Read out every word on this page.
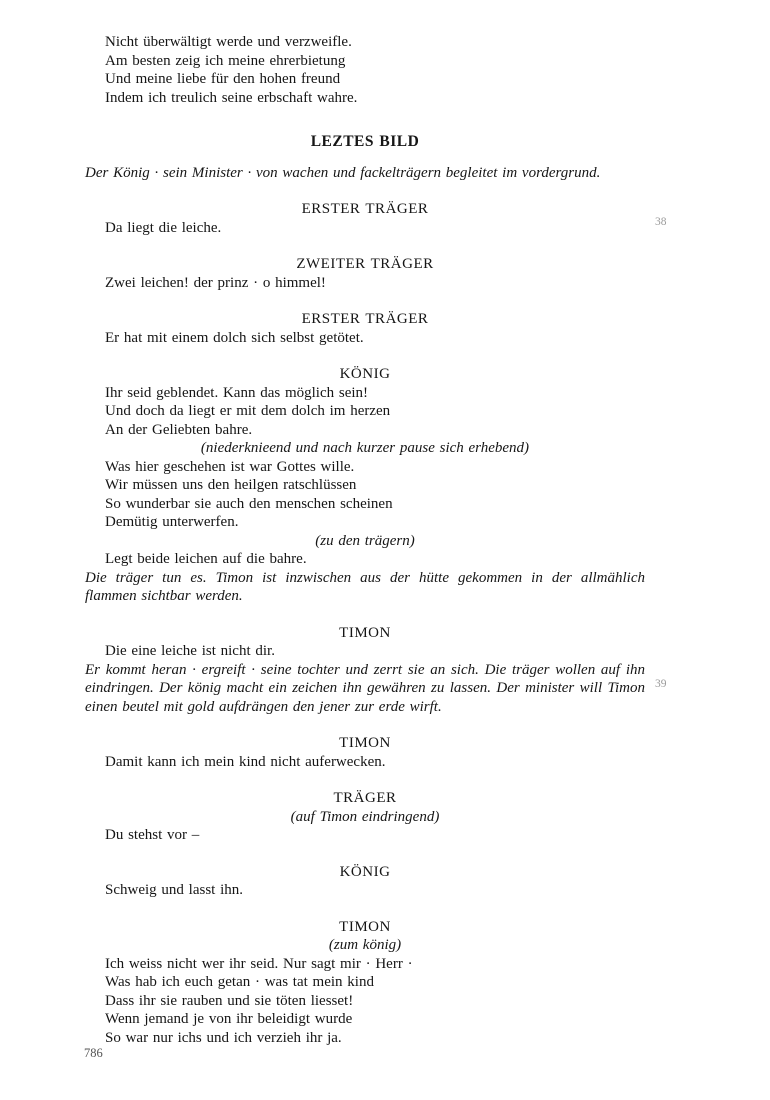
Nicht überwältigt werde und verzweifle.
Am besten zeig ich meine ehrerbietung
Und meine liebe für den hohen freund
Indem ich treulich seine erbschaft wahre.
LEZTES BILD
Der König · sein Minister · von wachen und fackelträgern begleitet im vordergrund.
ERSTER TRÄGER
Da liegt die leiche.
ZWEITER TRÄGER
Zwei leichen! der prinz · o himmel!
ERSTER TRÄGER
Er hat mit einem dolch sich selbst getötet.
KÖNIG
Ihr seid geblendet. Kann das möglich sein!
Und doch da liegt er mit dem dolch im herzen
An der Geliebten bahre.
(niederknieend und nach kurzer pause sich erhebend)
Was hier geschehen ist war Gottes wille.
Wir müssen uns den heilgen ratschlüssen
So wunderbar sie auch den menschen scheinen
Demütig unterwerfen.
(zu den trägern)
Legt beide leichen auf die bahre.
Die träger tun es. Timon ist inzwischen aus der hütte gekommen in der allmählich flammen sichtbar werden.
TIMON
Die eine leiche ist nicht dir.
Er kommt heran · ergreift · seine tochter und zerrt sie an sich. Die träger wollen auf ihn eindringen. Der könig macht ein zeichen ihn gewähren zu lassen. Der minister will Timon einen beutel mit gold aufdrängen den jener zur erde wirft.
TIMON
Damit kann ich mein kind nicht auferwecken.
TRÄGER
(auf Timon eindringend)
Du stehst vor –
KÖNIG
Schweig und lasst ihn.
TIMON
(zum könig)
Ich weiss nicht wer ihr seid. Nur sagt mir · Herr ·
Was hab ich euch getan · was tat mein kind
Dass ihr sie rauben und sie töten liesset!
Wenn jemand je von ihr beleidigt wurde
So war nur ichs und ich verzieh ihr ja.
38
39
786
